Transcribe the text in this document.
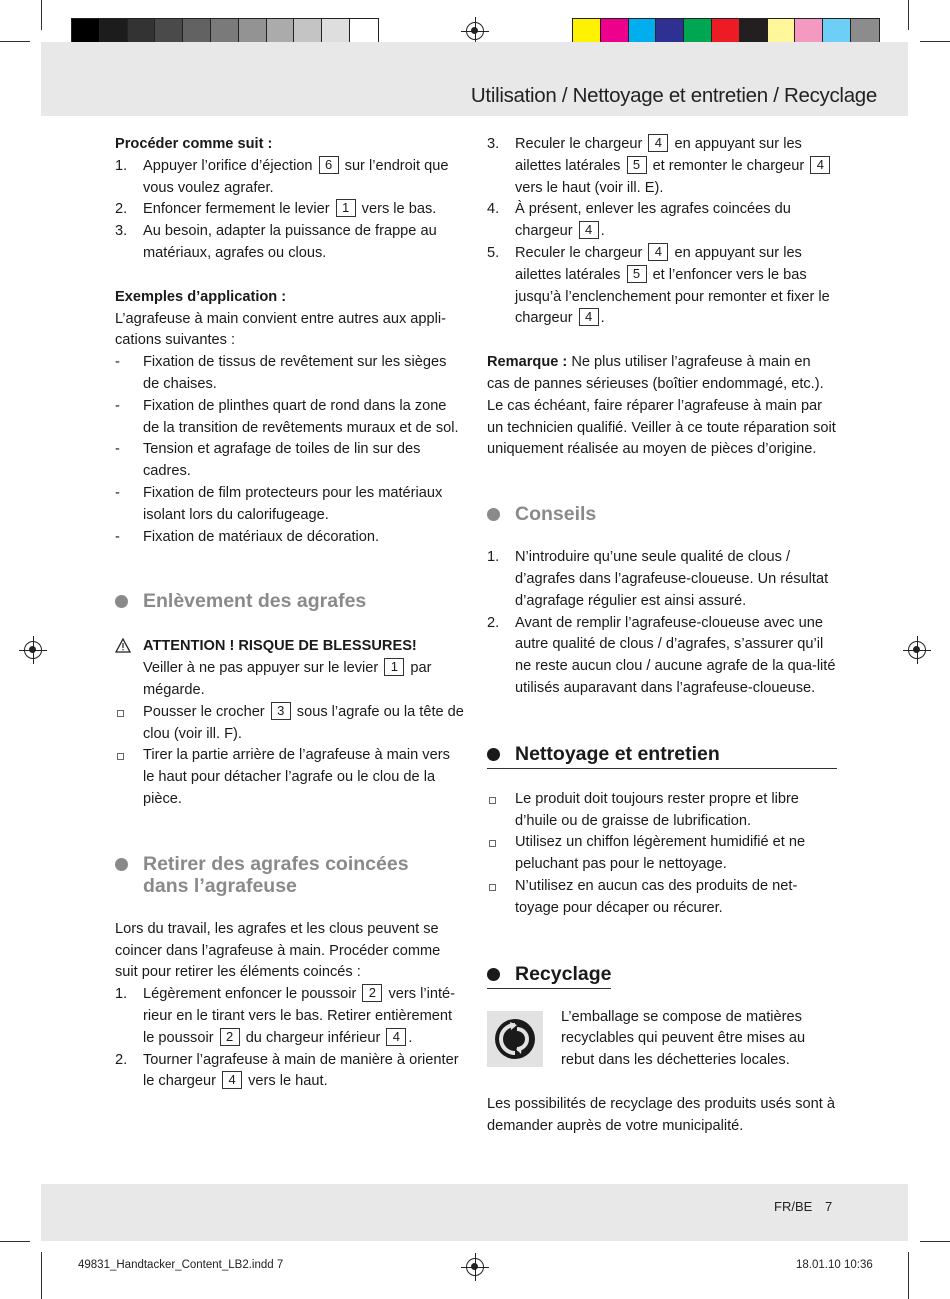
Utilisation / Nettoyage et entretien / Recyclage
Procéder comme suit :
1. Appuyer l’orifice d’éjection 6 sur l’endroit que vous voulez agrafer.
2. Enfoncer fermement le levier 1 vers le bas.
3. Au besoin, adapter la puissance de frappe au matériaux, agrafes ou clous.
Exemples d’application :
L’agrafeuse à main convient entre autres aux appli-cations suivantes :
- Fixation de tissus de revêtement sur les sièges de chaises.
- Fixation de plinthes quart de rond dans la zone de la transition de revêtements muraux et de sol.
- Tension et agrafage de toiles de lin sur des cadres.
- Fixation de film protecteurs pour les matériaux isolant lors du calorifugeage.
- Fixation de matériaux de décoration.
Enlèvement des agrafes
ATTENTION ! RISQUE DE BLESSURES!
Veiller à ne pas appuyer sur le levier 1 par mégarde.
Pousser le crocher 3 sous l’agrafe ou la tête de clou (voir ill. F).
Tirer la partie arrière de l’agrafeuse à main vers le haut pour détacher l’agrafe ou le clou de la pièce.
Retirer des agrafes coincées
dans l’agrafeuse
Lors du travail, les agrafes et les clous peuvent se coincer dans l’agrafeuse à main. Procéder comme suit pour retirer les éléments coincés :
1. Légèrement enfoncer le poussoir 2 vers l’inté-rieur en le tirant vers le bas. Retirer entièrement le poussoir 2 du chargeur inférieur 4 .
2. Tourner l’agrafeuse à main de manière à orienter le chargeur 4 vers le haut.
3. Reculer le chargeur 4 en appuyant sur les ailettes latérales 5 et remonter le chargeur 4 vers le haut (voir ill. E).
4. À présent, enlever les agrafes coincées du chargeur 4 .
5. Reculer le chargeur 4 en appuyant sur les ailettes latérales 5 et l’enfoncer vers le bas jusqu’à l’enclenchement pour remonter et fixer le chargeur 4 .
Remarque : Ne plus utiliser l’agrafeuse à main en cas de pannes sérieuses (boîtier endommagé, etc.). Le cas échéant, faire réparer l’agrafeuse à main par un technicien qualifié. Veiller à ce toute réparation soit uniquement réalisée au moyen de pièces d’origine.
Conseils
1. N’introduire qu’une seule qualité de clous / d’agrafes dans l’agrafeuse-cloueuse. Un résultat d’agrafage régulier est ainsi assuré.
2. Avant de remplir l’agrafeuse-cloueuse avec une autre qualité de clous / d’agrafes, s’assurer qu’il ne reste aucun clou / aucune agrafe de la qua-lité utilisés auparavant dans l’agrafeuse-cloueuse.
Nettoyage et entretien
Le produit doit toujours rester propre et libre d’huile ou de graisse de lubrification.
Utilisez un chiffon légèrement humidifié et ne peluchant pas pour le nettoyage.
N’utilisez en aucun cas des produits de net-toyage pour décaper ou récurer.
Recyclage
L’emballage se compose de matières recyclables qui peuvent être mises au rebut dans les déchetteries locales.
Les possibilités de recyclage des produits usés sont à demander auprès de votre municipalité.
FR/BE 7
49831_Handtacker_Content_LB2.indd 7	18.01.10 10:36
